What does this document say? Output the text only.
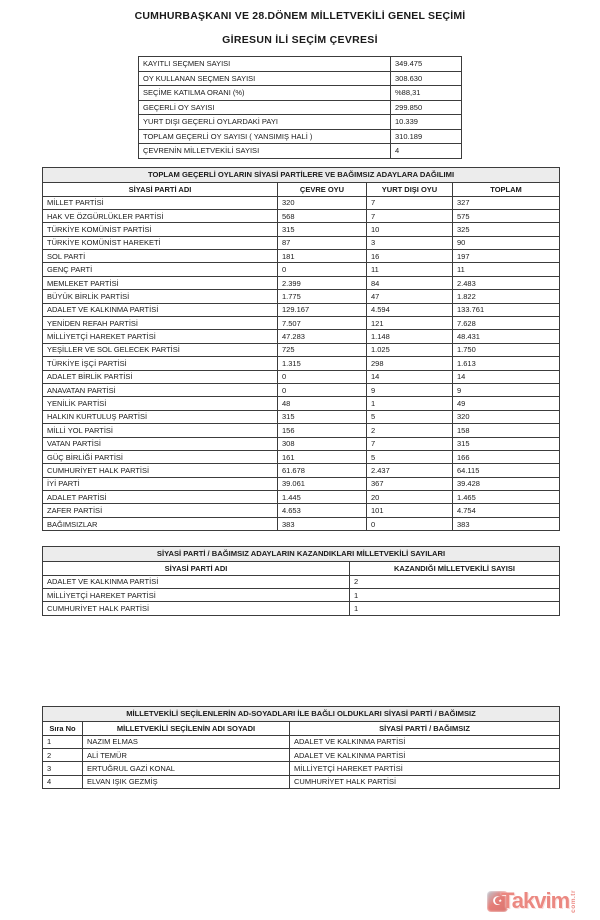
CUMHURBAŞKANI VE 28.DÖNEM MİLLETVEKİLİ GENEL SEÇİMİ
GİRESUN İLİ SEÇİM ÇEVRESİ
KAYITLI SEÇMEN SAYISI	349.475
OY KULLANAN SEÇMEN SAYISI	308.630
SEÇİME KATILMA ORANI (%)	%88,31
GEÇERLİ OY SAYISI	299.850
YURT DIŞI GEÇERLİ OYLARDAKİ PAYI	10.339
TOPLAM GEÇERLİ OY SAYISI ( YANSIMIŞ HALİ )	310.189
ÇEVRENİN MİLLETVEKİLİ SAYISI	4
TOPLAM GEÇERLİ OYLARIN SİYASİ PARTİLERE VE BAĞIMSIZ ADAYLARA DAĞILIMI			
SİYASİ PARTİ ADI	ÇEVRE OYU	YURT DIŞI OYU	TOPLAM
MİLLET PARTİSİ	320	7	327
HAK VE ÖZGÜRLÜKLER PARTİSİ	568	7	575
TÜRKİYE KOMÜNİST PARTİSİ	315	10	325
TÜRKİYE KOMÜNİST HAREKETİ	87	3	90
SOL PARTİ	181	16	197
GENÇ PARTİ	0	11	11
MEMLEKET PARTİSİ	2.399	84	2.483
BÜYÜK BİRLİK PARTİSİ	1.775	47	1.822
ADALET VE KALKINMA PARTİSİ	129.167	4.594	133.761
YENİDEN REFAH PARTİSİ	7.507	121	7.628
MİLLİYETÇİ HAREKET PARTİSİ	47.283	1.148	48.431
YEŞİLLER VE SOL GELECEK PARTİSİ	725	1.025	1.750
TÜRKİYE İŞÇİ PARTİSİ	1.315	298	1.613
ADALET BİRLİK PARTİSİ	0	14	14
ANAVATAN PARTİSİ	0	9	9
YENİLİK PARTİSİ	48	1	49
HALKIN KURTULUŞ PARTİSİ	315	5	320
MİLLİ YOL PARTİSİ	156	2	158
VATAN PARTİSİ	308	7	315
GÜÇ BİRLİĞİ PARTİSİ	161	5	166
CUMHURİYET HALK PARTİSİ	61.678	2.437	64.115
İYİ PARTİ	39.061	367	39.428
ADALET PARTİSİ	1.445	20	1.465
ZAFER PARTİSİ	4.653	101	4.754
BAĞIMSIZLAR	383	0	383
SİYASİ PARTİ / BAĞIMSIZ ADAYLARIN KAZANDIKLARI MİLLETVEKİLİ SAYILARI	
SİYASİ PARTİ ADI	KAZANDIĞI MİLLETVEKİLİ SAYISI
ADALET VE KALKINMA PARTİSİ	2
MİLLİYETÇİ HAREKET PARTİSİ	1
CUMHURİYET HALK PARTİSİ	1
MİLLETVEKİLİ SEÇİLENLERİN AD-SOYADLARI İLE BAĞLI OLDUKLARI SİYASİ PARTİ / BAĞIMSIZ		
Sıra No	MİLLETVEKİLİ SEÇİLENİN ADI SOYADI	SİYASİ PARTİ / BAĞIMSIZ
1	NAZIM ELMAS	ADALET VE KALKINMA PARTİSİ
2	ALİ TEMÜR	ADALET VE KALKINMA PARTİSİ
3	ERTUĞRUL GAZİ KONAL	MİLLİYETÇİ HAREKET PARTİSİ
4	ELVAN IŞIK GEZMİŞ	CUMHURİYET HALK PARTİSİ
☪
Takvim com.tr
